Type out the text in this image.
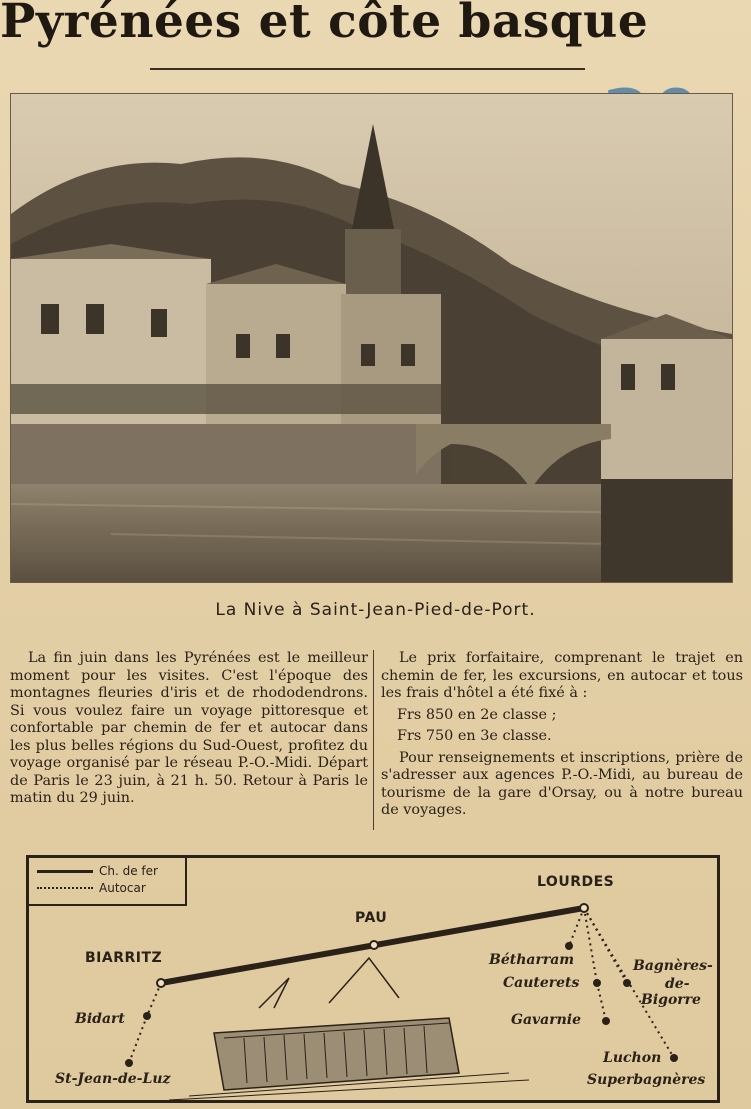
Pyrénées et côte basque
La Nive à Saint-Jean-Pied-de-Port.

La fin juin dans les Pyrénées est le meilleur moment pour les visites. C'est l'époque des montagnes fleuries d'iris et de rhododendrons. Si vous voulez faire un voyage pittoresque et confortable par chemin de fer et autocar dans les plus belles régions du Sud-Ouest, profitez du voyage organisé par le réseau P.-O.-Midi. Départ de Paris le 23 juin, à 21 h. 50. Retour à Paris le matin du 29 juin.

Le prix forfaitaire, comprenant le trajet en chemin de fer, les excursions, en autocar et tous les frais d'hôtel a été fixé à :

Frs 850 en 2e classe ;

Frs 750 en 3e classe.

Pour renseignements et inscriptions, prière de s'adresser aux agences P.-O.-Midi, au bureau de tourisme de la gare d'Orsay, ou à notre bureau de voyages.

Ch. de fer
Autocar	LOURDES
PAU
BIARRITZ	Bétharram
Cauterets
Bagnères-
de-
Bigorre
Bidart	Gavarnie
Luchon
St-Jean-de-Luz	Superbagnères
